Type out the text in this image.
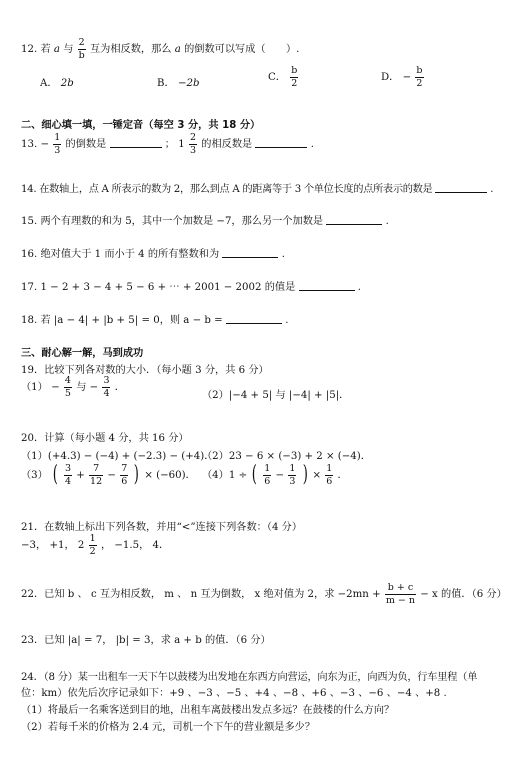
12. 若 a 与 $\frac{2}{b}$ 互为相反数，那么 a 的倒数可以写成（　　）.
A． 2b	B． −2b
C． $\frac{b}{2}$	D． − $\frac{b}{2}$
二、细心填一填，一锤定音（每空 3 分，共 18 分）
13. − $\frac{1}{3}$ 的倒数是	； $1 \frac{2}{3}$ 的相反数是	.
14. 在数轴上，点 A 所表示的数为 2，那么到点 A 的距离等于 3 个单位长度的点所表示的数是	.
15. 两个有理数的和为 5，其中一个加数是 −7，那么另一个加数是	.
16. 绝对值大于 1 而小于 4 的所有整数和为	.
17. 1 − 2 + 3 − 4 + 5 − 6 + ⋯ + 2001 − 2002 的值是	.
18. 若 |a − 4| + |b + 5| = 0，则 a − b =	.
三、耐心解一解，马到成功
19．比较下列各对数的大小．（每小题 3 分，共 6 分）
$(1) - \frac{4}{5}$ 与 − $\frac{3}{4}$ ．
（2）|−4 + 5| 与 |−4| + |5|．
20．计算（每小题 4 分，共 16 分）
（1）(+4.3) − (−4) + (−2.3) − (+4)．
（2）23 − 6 × (−3) + 2 × (−4)．
（3） ( $\frac{3}{4} + \frac{7}{12} - \frac{7}{6}$ ) × (−60)． （4）1 ÷ ( $\frac{1}{6} - \frac{1}{3}$ ) × $\frac{1}{6}$ ．
21．在数轴上标出下列各数，并用“<”连接下列各数：（4 分）
−3， +1， $2 \frac{1}{2}$ ， −1.5， 4．
22．已知 b 、 c 互为相反数， m 、 n 互为倒数， x 绝对值为 2，求 $-2mn + \frac{b + c}{m - n} - x$ 的值．（6 分）
23．已知 |a| = 7， |b| = 3，求 a + b 的值．（6 分）
24．（8 分）某一出租车一天下午以鼓楼为出发地在东西方向营运，向东为正，向西为负，行车里程（单
位：km）依先后次序记录如下：+9 、−3 、−5 、+4 、−8 、+6 、−3 、−6 、−4 、+8 .
（1）将最后一名乘客送到目的地，出租车离鼓楼出发点多远？在鼓楼的什么方向？
（2）若每千米的价格为 2.4 元，司机一个下午的营业额是多少？
